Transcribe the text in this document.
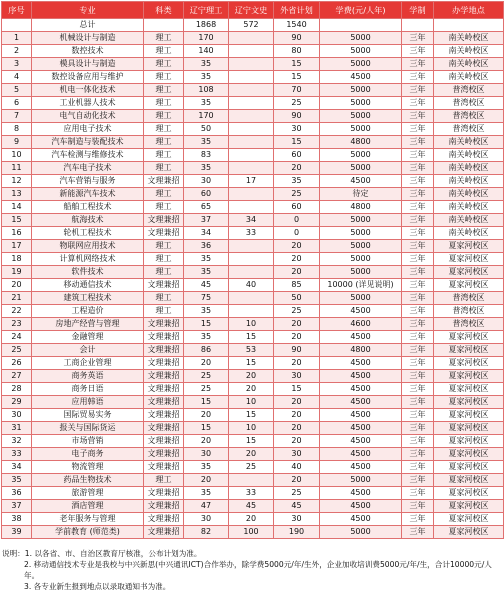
序号	专业	科类	辽宁理工	辽宁文史	外省计划	学费(元/人年)	学制	办学地点
	总计		1868	572	1540			
1	机械设计与制造	理工	170		90	5000	三年	南关岭校区
2	数控技术	理工	140		80	5000	三年	南关岭校区
3	模具设计与制造	理工	35		15	5000	三年	南关岭校区
4	数控设备应用与维护	理工	35		15	4500	三年	南关岭校区
5	机电一体化技术	理工	108		70	5000	三年	普湾校区
6	工业机器人技术	理工	35		25	5000	三年	普湾校区
7	电气自动化技术	理工	170		90	5000	三年	普湾校区
8	应用电子技术	理工	50		30	5000	三年	普湾校区
9	汽车制造与装配技术	理工	35		15	4800	三年	南关岭校区
10	汽车检测与维修技术	理工	83		60	5000	三年	南关岭校区
11	汽车电子技术	理工	35		20	5000	三年	南关岭校区
12	汽车营销与服务	文理兼招	30	17	35	4500	三年	南关岭校区
13	新能源汽车技术	理工	60		25	待定	三年	南关岭校区
14	船舶工程技术	理工	65		60	4800	三年	南关岭校区
15	航海技术	文理兼招	37	34	0	5000	三年	南关岭校区
16	轮机工程技术	文理兼招	34	33	0	5000	三年	南关岭校区
17	物联网应用技术	理工	36		20	5000	三年	夏家河校区
18	计算机网络技术	理工	35		20	5000	三年	夏家河校区
19	软件技术	理工	35		20	5000	三年	夏家河校区
20	移动通信技术	文理兼招	45	40	85	10000 (详见说明)	三年	夏家河校区
21	建筑工程技术	理工	75		50	5000	三年	普湾校区
22	工程造价	理工	35		25	4500	三年	普湾校区
23	房地产经营与管理	文理兼招	15	10	20	4600	三年	普湾校区
24	金融管理	文理兼招	35	15	20	4500	三年	夏家河校区
25	会计	文理兼招	86	53	90	4800	三年	夏家河校区
26	工商企业管理	文理兼招	20	15	20	4500	三年	夏家河校区
27	商务英语	文理兼招	25	20	30	4500	三年	夏家河校区
28	商务日语	文理兼招	25	20	15	4500	三年	夏家河校区
29	应用韩语	文理兼招	15	10	20	4500	三年	夏家河校区
30	国际贸易实务	文理兼招	20	15	20	4500	三年	夏家河校区
31	报关与国际货运	文理兼招	15	10	20	4500	三年	夏家河校区
32	市场营销	文理兼招	20	15	20	4500	三年	夏家河校区
33	电子商务	文理兼招	30	20	30	4500	三年	夏家河校区
34	物流管理	文理兼招	35	25	40	4500	三年	夏家河校区
35	药品生物技术	理工	20		20	5000	三年	夏家河校区
36	旅游管理	文理兼招	35	33	25	4500	三年	夏家河校区
37	酒店管理	文理兼招	47	45	45	4500	三年	夏家河校区
38	老年服务与管理	文理兼招	30	20	30	4500	三年	夏家河校区
39	学前教育 (师范类)	文理兼招	82	100	190	5000	三年	夏家河校区
说明：1. 以各省、市、自治区教育厅核准，公布计划为准。
2. 移动通信技术专业是我校与中兴新思(中兴通讯ICT)合作举办，除学费5000元/年/生外，企业加收培训费5000元/年/生，合计10000元/人年。
3. 各专业新生报到地点以录取通知书为准。
